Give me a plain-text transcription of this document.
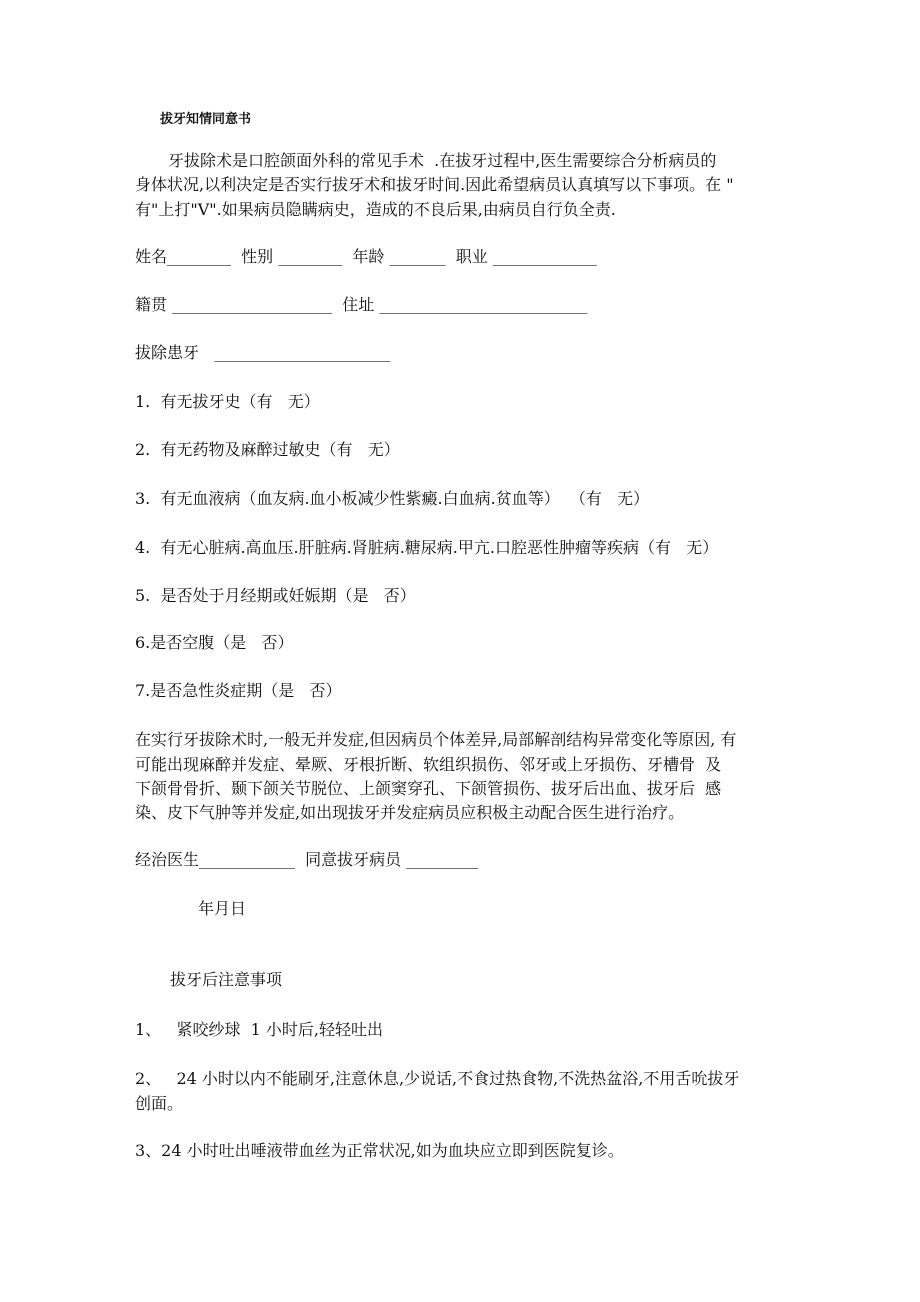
拔牙知情同意书
牙拔除术是口腔颌面外科的常见手术  .在拔牙过程中,医生需要综合分析病员的
身体状况,以利决定是否实行拔牙术和拔牙时间.因此希望病员认真填写以下事项。在 "
有"上打"V".如果病员隐瞒病史，造成的不良后果,由病员自行负全责.
姓名________  性别 ________  年龄 _______  职业 _____________
籍贯 ____________________  住址 __________________________
拔除患牙   ______________________
1.  有无拔牙史（有   无）
2.  有无药物及麻醉过敏史（有   无）
3.  有无血液病（血友病.血小板减少性紫癜.白血病.贫血等）  （有   无）
4.  有无心脏病.高血压.肝脏病.肾脏病.糖尿病.甲亢.口腔恶性肿瘤等疾病（有   无）
5.  是否处于月经期或妊娠期（是   否）
6.是否空腹（是   否）
7.是否急性炎症期（是   否）
在实行牙拔除术时,一般无并发症,但因病员个体差异,局部解剖结构异常变化等原因, 有
可能出现麻醉并发症、晕厥、牙根折断、软组织损伤、邻牙或上牙损伤、牙槽骨  及
下颌骨骨折、颞下颌关节脱位、上颌窦穿孔、下颌管损伤、拔牙后出血、拔牙后  感
染、皮下气肿等并发症,如出现拔牙并发症病员应积极主动配合医生进行治疗。
经治医生____________  同意拔牙病员 _________
年月日
拔牙后注意事项
1、   紧咬纱球  1 小时后,轻轻吐出
2、   24 小时以内不能刷牙,注意休息,少说话,不食过热食物,不洗热盆浴,不用舌吮拔牙
创面。
3、24 小时吐出唾液带血丝为正常状况,如为血块应立即到医院复诊。
